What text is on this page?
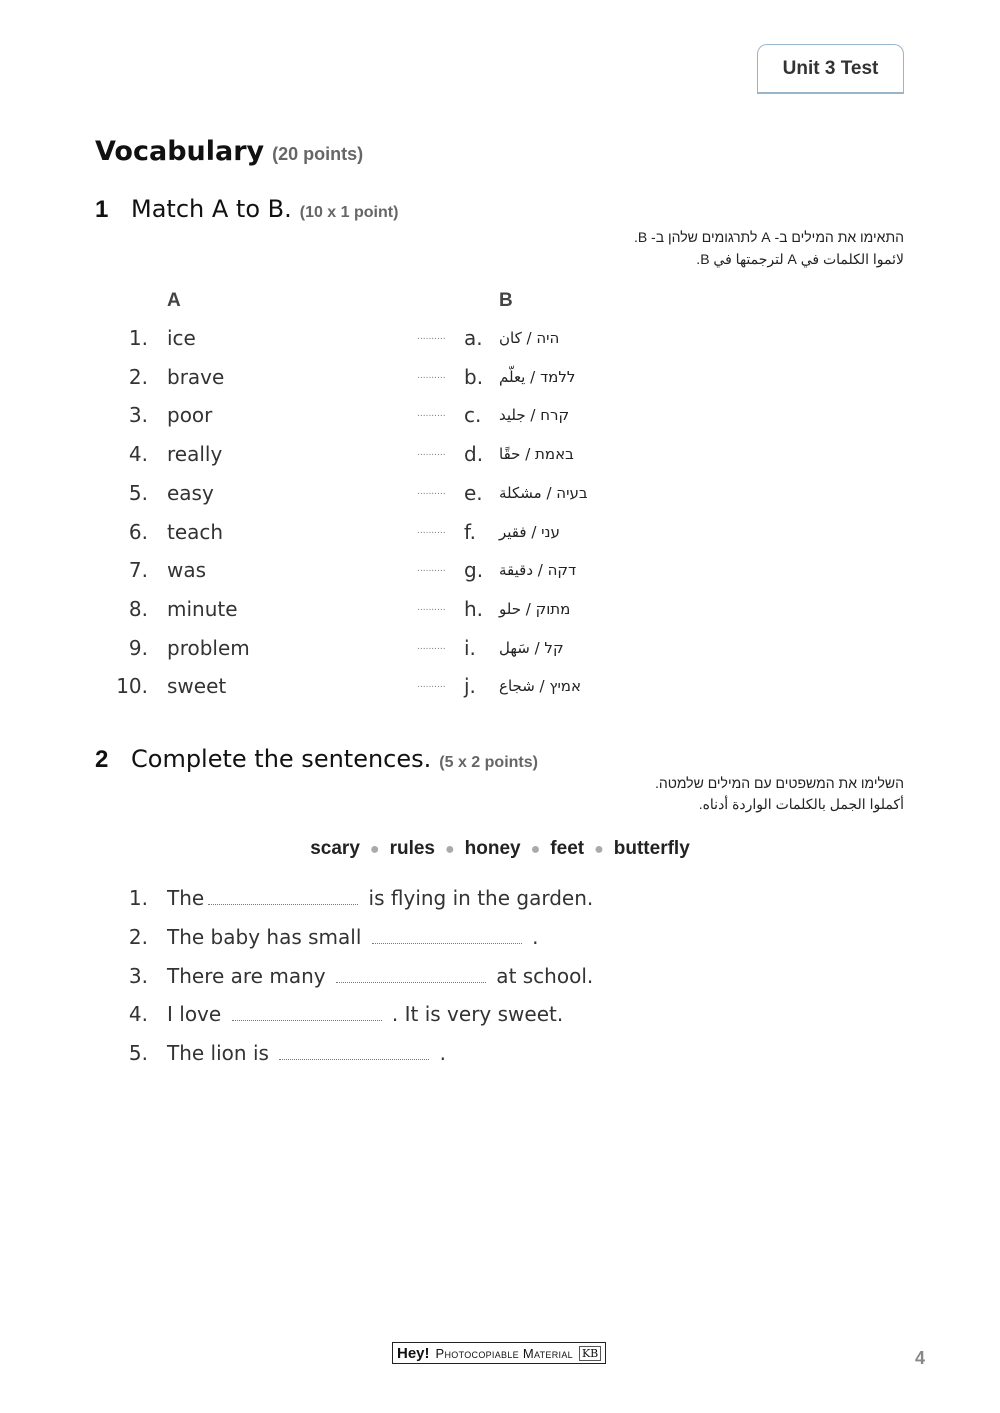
Unit 3 Test
Vocabulary (20 points)
1 Match A to B. (10 x 1 point)
התאימו את המילים ב- A לתרגומים שלהן ב- B.
لائموا الكلمات في A لترجمتها في B.
A	B
1. ice	.......... a. היה / كان
2. brave	.......... b. ללמד / يعلّم
3. poor	.......... c. קרח / جليد
4. really	.......... d. באמת / حقًا
5. easy	.......... e. בעיה / مشكلة
6. teach	.......... f. עני / فقير
7. was	.......... g. דקה / دقيقة
8. minute	.......... h. מתוק / حلو
9. problem	.......... i. קל / سَهل
10. sweet	.......... j. אמיץ / شجاع
2 Complete the sentences. (5 x 2 points)
השלימו את המשפטים עם המילים שלמטה.
أكملوا الجمل بالكلمات الواردة أدناه.
scary ● rules ● honey ● feet ● butterfly
1. The	is flying in the garden.
2. The baby has small	.
3. There are many	at school.
4. I love	. It is very sweet.
5. The lion is	.
Hey! Photocopiable Material KB	4
